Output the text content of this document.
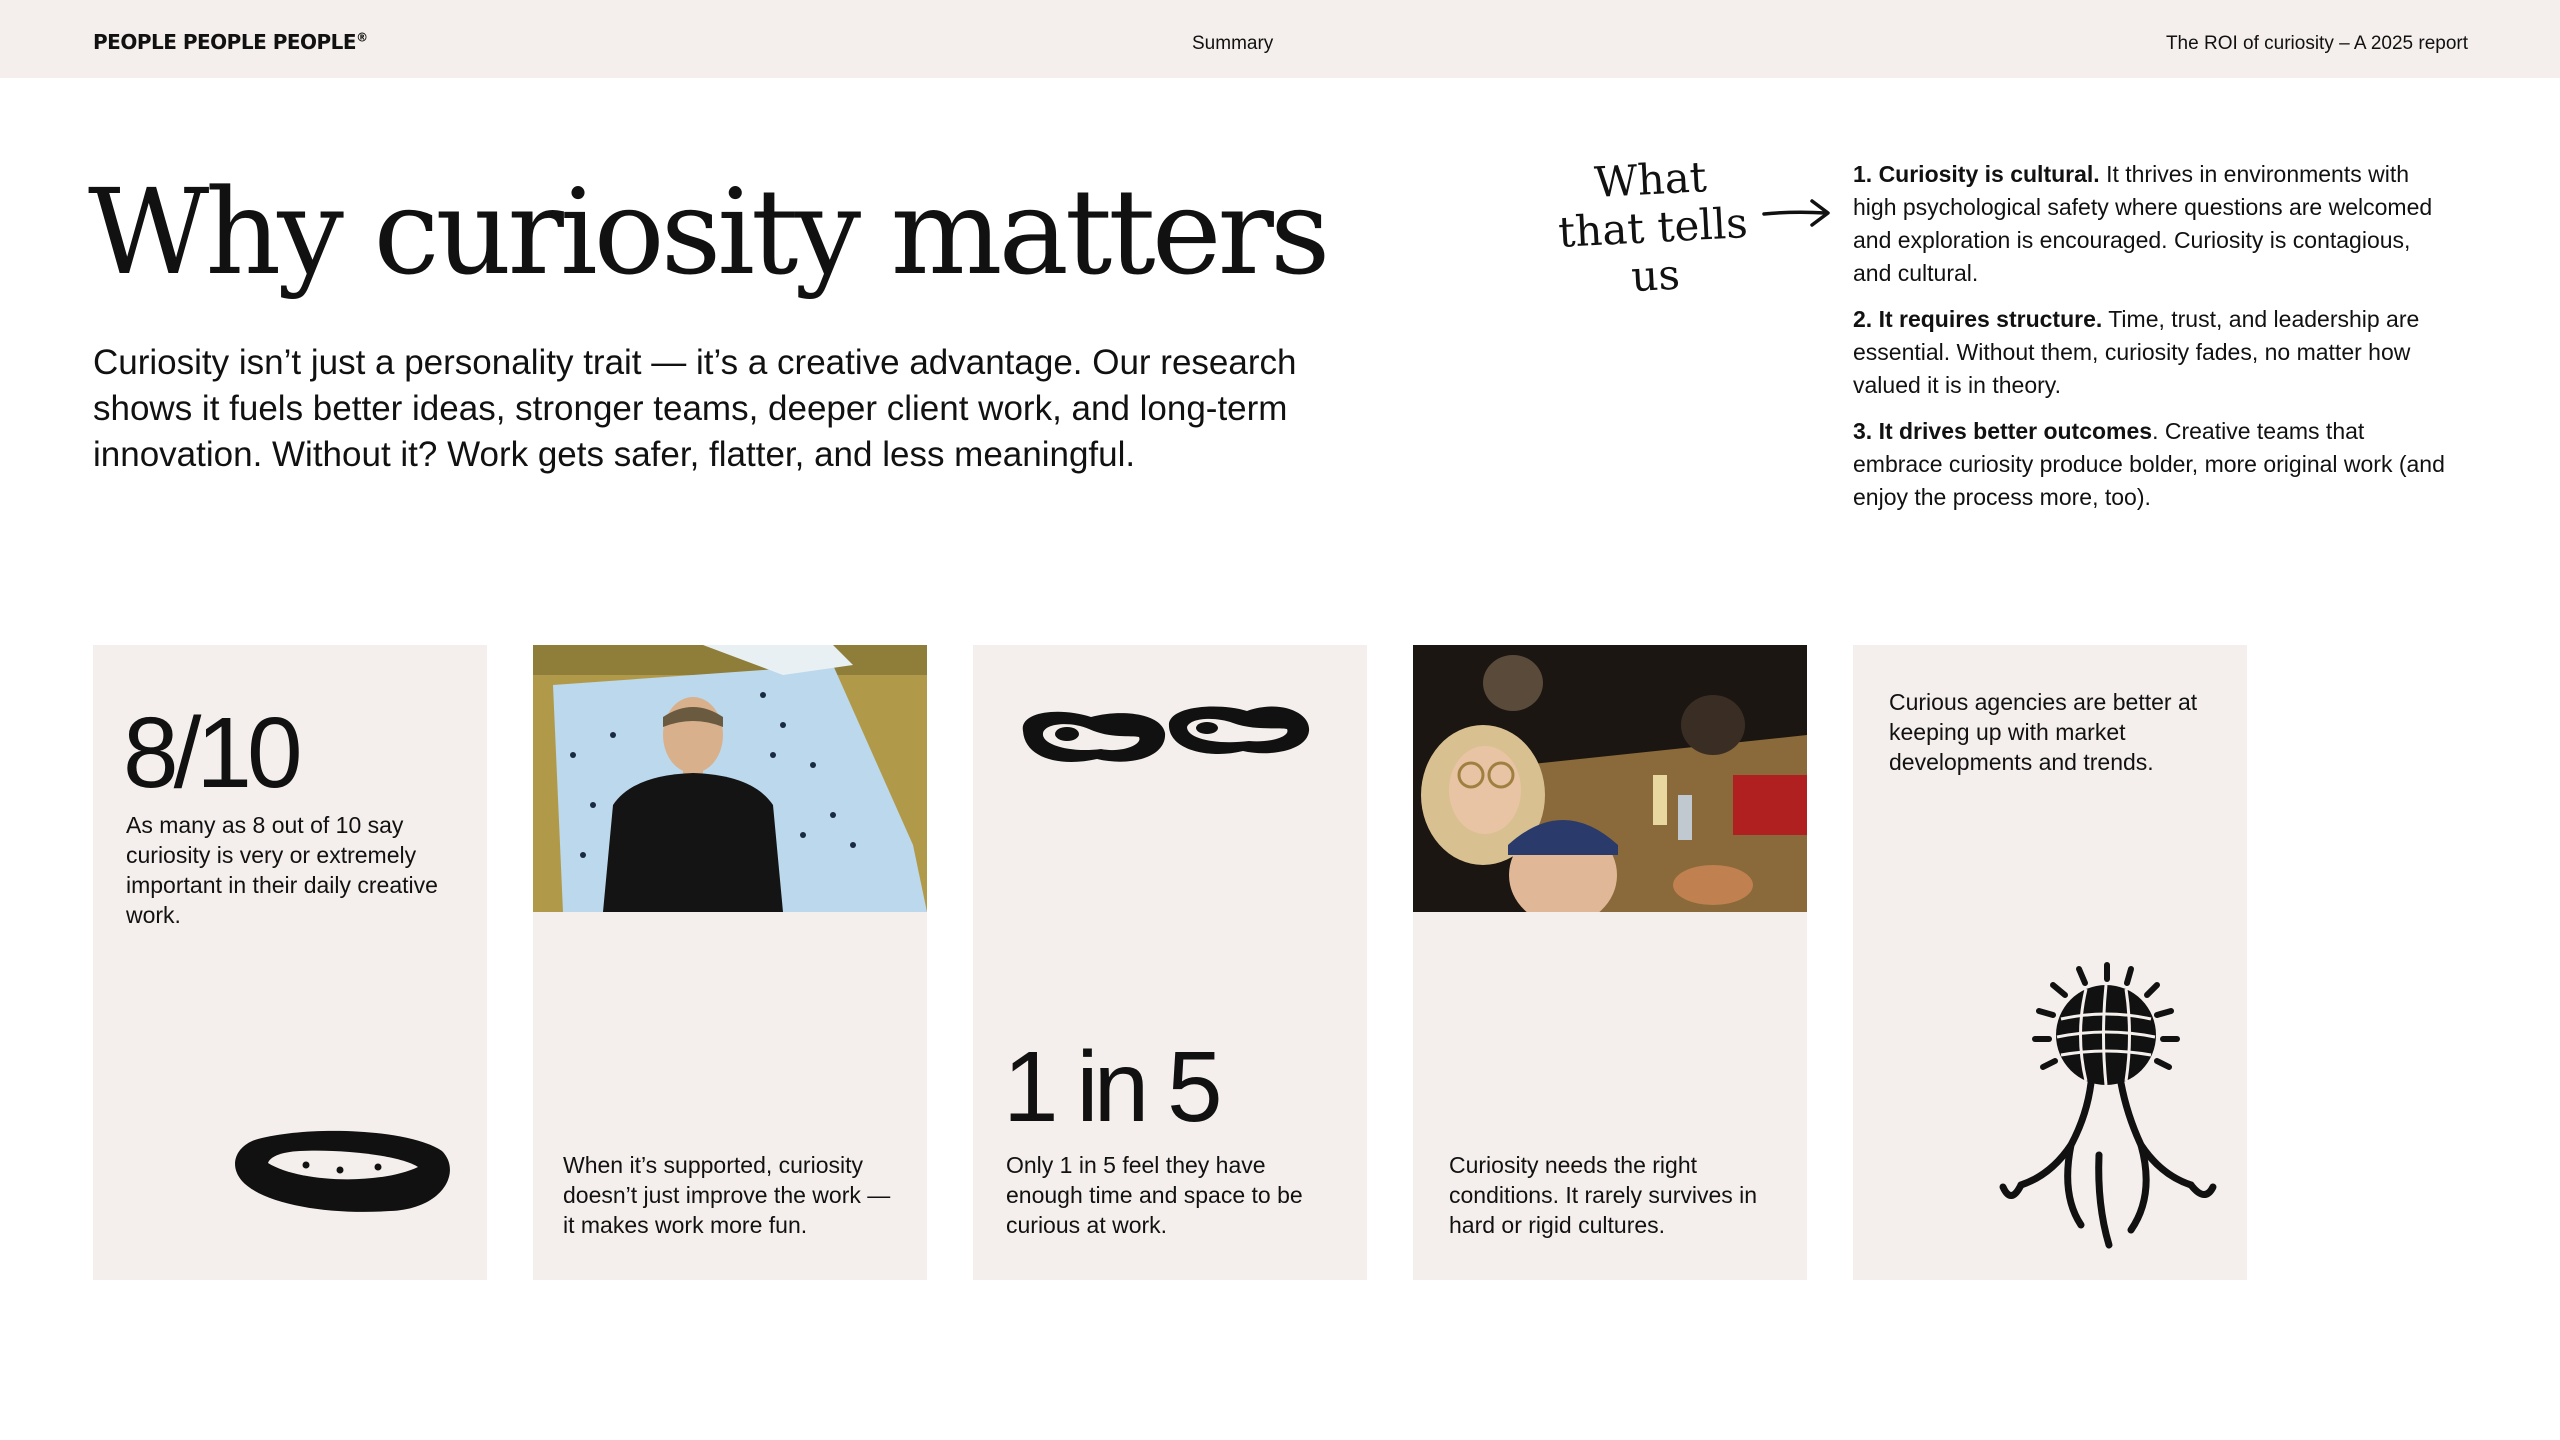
PEOPLE PEOPLE PEOPLE®	Summary	The ROI of curiosity – A 2025 report
Why curiosity matters

Curiosity isn’t just a personality trait — it’s a creative advantage. Our research shows it fuels better ideas, stronger teams, deeper client work, and long-term innovation. Without it? Work gets safer, flatter, and less meaningful.

What that tells us

1. Curiosity is cultural. It thrives in environments with high psychological safety where questions are welcomed and exploration is encouraged. Curiosity is contagious, and cultural.

2. It requires structure. Time, trust, and leadership are essential. Without them, curiosity fades, no matter how valued it is in theory.

3. It drives better outcomes. Creative teams that embrace curiosity produce bolder, more original work (and enjoy the process more, too).

8/10
As many as 8 out of 10 say curiosity is very or extremely important in their daily creative work.
When it’s supported, curiosity doesn’t just improve the work — it makes work more fun.
1 in 5
Only 1 in 5 feel they have enough time and space to be curious at work.
Curiosity needs the right conditions. It rarely survives in hard or rigid cultures.
Curious agencies are better at keeping up with market developments and trends.
